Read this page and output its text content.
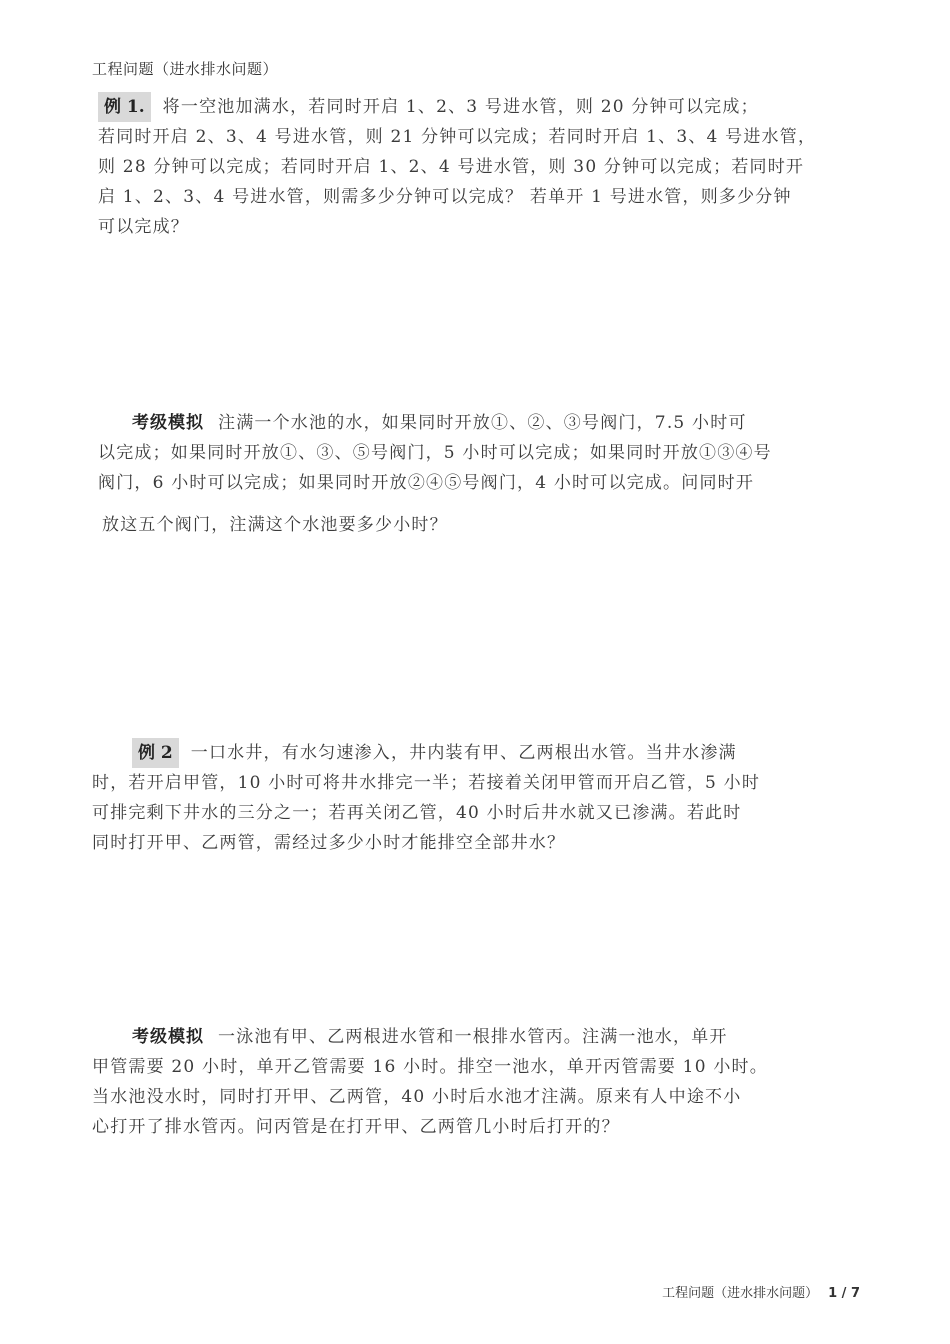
工程问题（进水排水问题）
例 1. 将一空池加满水，若同时开启 1、2、3 号进水管，则 20 分钟可以完成；
若同时开启 2、3、4 号进水管，则 21 分钟可以完成；若同时开启 1、3、4 号进水管，
则 28 分钟可以完成；若同时开启 1、2、4 号进水管，则 30 分钟可以完成；若同时开
启 1、2、3、4 号进水管，则需多少分钟可以完成？ 若单开 1 号进水管，则多少分钟
可以完成？
考级模拟 注满一个水池的水，如果同时开放①、②、③号阀门，7.5 小时可
以完成；如果同时开放①、③、⑤号阀门，5 小时可以完成；如果同时开放①③④号
阀门，6 小时可以完成；如果同时开放②④⑤号阀门，4 小时可以完成。问同时开
放这五个阀门，注满这个水池要多少小时？
例 2 一口水井，有水匀速渗入，井内装有甲、乙两根出水管。当井水渗满
时，若开启甲管，10 小时可将井水排完一半；若接着关闭甲管而开启乙管，5 小时
可排完剩下井水的三分之一；若再关闭乙管，40 小时后井水就又已渗满。若此时
同时打开甲、乙两管，需经过多少小时才能排空全部井水？
考级模拟 一泳池有甲、乙两根进水管和一根排水管丙。注满一池水，单开
甲管需要 20 小时，单开乙管需要 16 小时。排空一池水，单开丙管需要 10 小时。
当水池没水时，同时打开甲、乙两管，40 小时后水池才注满。原来有人中途不小
心打开了排水管丙。问丙管是在打开甲、乙两管几小时后打开的？
工程问题（进水排水问题） 1 / 7
